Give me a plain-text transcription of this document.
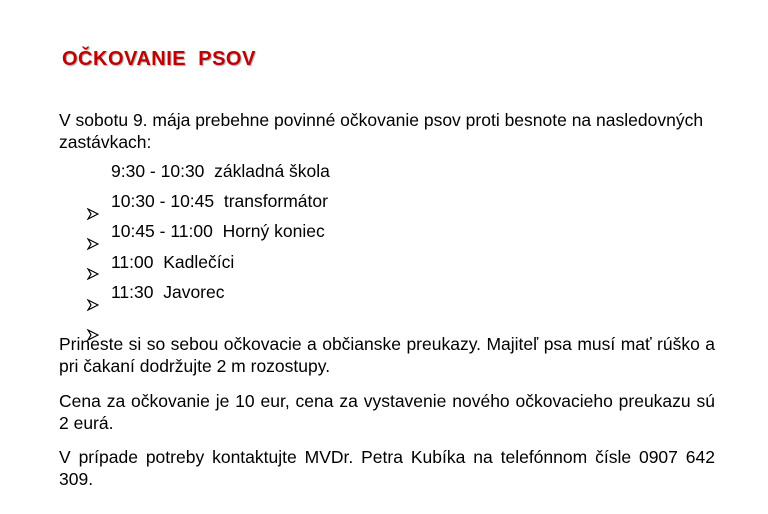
OČKOVANIE  PSOV
V sobotu 9. mája prebehne povinné očkovanie psov proti besnote na nasledovných zastávkach:

9:30 - 10:30  základná škola

10:30 - 10:45  transformátor

10:45 - 11:00  Horný koniec

11:00  Kadlečíci

11:30  Javorec
Prineste si so sebou očkovacie a občianske preukazy. Majiteľ psa musí mať rúško a pri čakaní dodržujte 2 m rozostupy.
Cena za očkovanie je 10 eur, cena za vystavenie nového očkovacieho preukazu sú 2 eurá.
V prípade potreby kontaktujte MVDr. Petra Kubíka na telefónnom čísle 0907 642 309.
